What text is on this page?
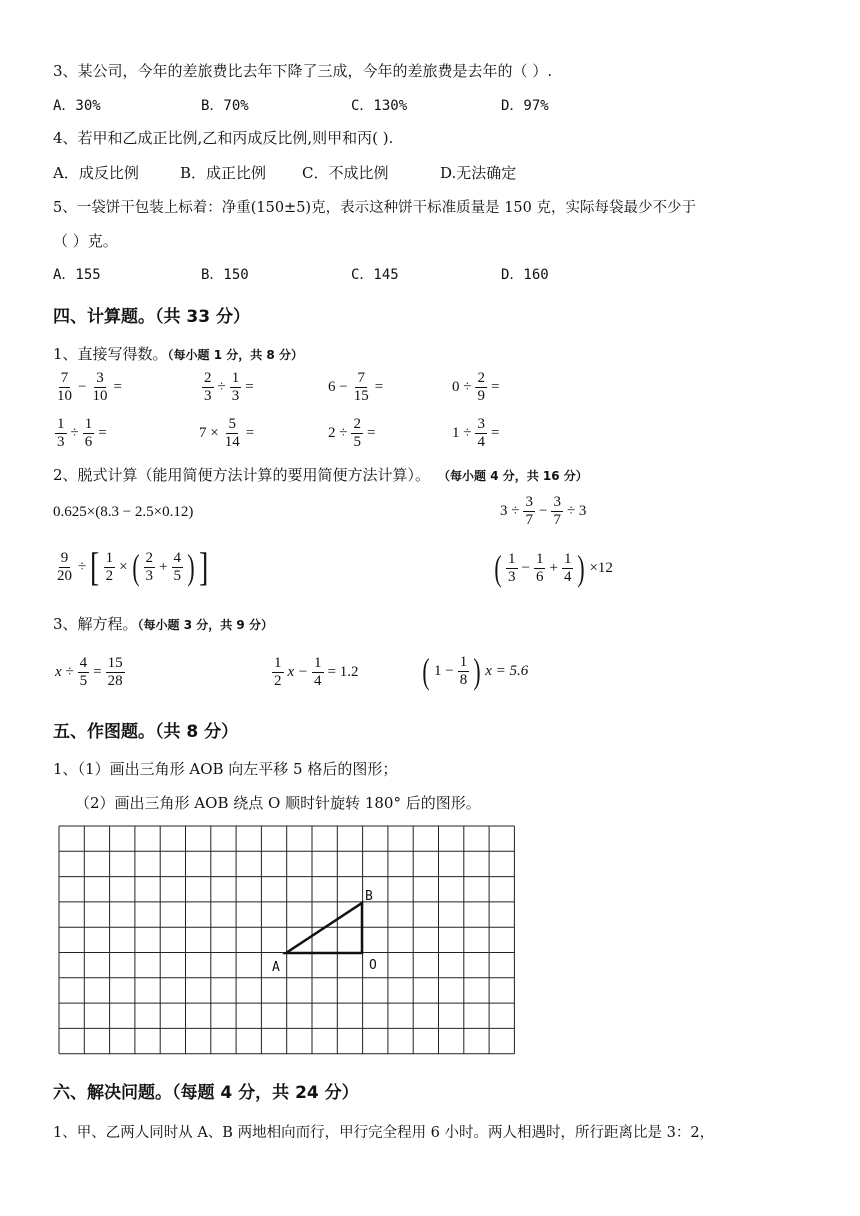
3、某公司，今年的差旅费比去年下降了三成，今年的差旅费是去年的（ ）.
A．30%	B．70%	C．130%	D．97%
4、若甲和乙成正比例,乙和丙成反比例,则甲和丙( ).
A．成反比例	B．成正比例 C．不成比例	D.无法确定
5、一袋饼干包装上标着：净重(150±5)克，表示这种饼干标准质量是 150 克，实际每袋最少不少于
（ ）克。
A．155	B．150	C．145	D．160
四、计算题。（共 33 分）
1、直接写得数。（每小题 1 分，共 8 分）
$\frac{7}{10} - \frac{3}{10}$ =	$\frac{2}{3} \div \frac{1}{3}$ =	$6 - \frac{7}{15}$ =	$0 \div \frac{2}{9}$ =
$\frac{1}{3} \div \frac{1}{6}$ =	$7 \times \frac{5}{14}$ =	$2 \div \frac{2}{5}$ =	$1 \div \frac{3}{4}$ =
2、脱式计算（能用简便方法计算的要用简便方法计算）。 （每小题 4 分，共 16 分）
0.625×(8.3 − 2.5×0.12)	$3 \div \frac{3}{7} - \frac{3}{7} \div 3$
$\frac{9}{20}$ ÷ [ $\frac{1}{2}$ × ( $\frac{2}{3} + \frac{4}{5}$ ) ]	( $\frac{1}{3} - \frac{1}{6} + \frac{1}{4}$ ) ×12
3、解方程。（每小题 3 分，共 9 分）
$x \div \frac{4}{5} = \frac{15}{28}$	$\frac{1}{2}$ $x - \frac{1}{4} = 1.2$ ( $1 - \frac{1}{8}$ ) x = 5.6
五、作图题。（共 8 分）
1、（1）画出三角形 AOB 向左平移 5 格后的图形；
（2）画出三角形 AOB 绕点 O 顺时针旋转 180° 后的图形。
A	O
B
六、解决问题。（每题 4 分，共 24 分）
1、甲、乙两人同时从 A、B 两地相向而行，甲行完全程用 6 小时。两人相遇时，所行距离比是 3：2，
